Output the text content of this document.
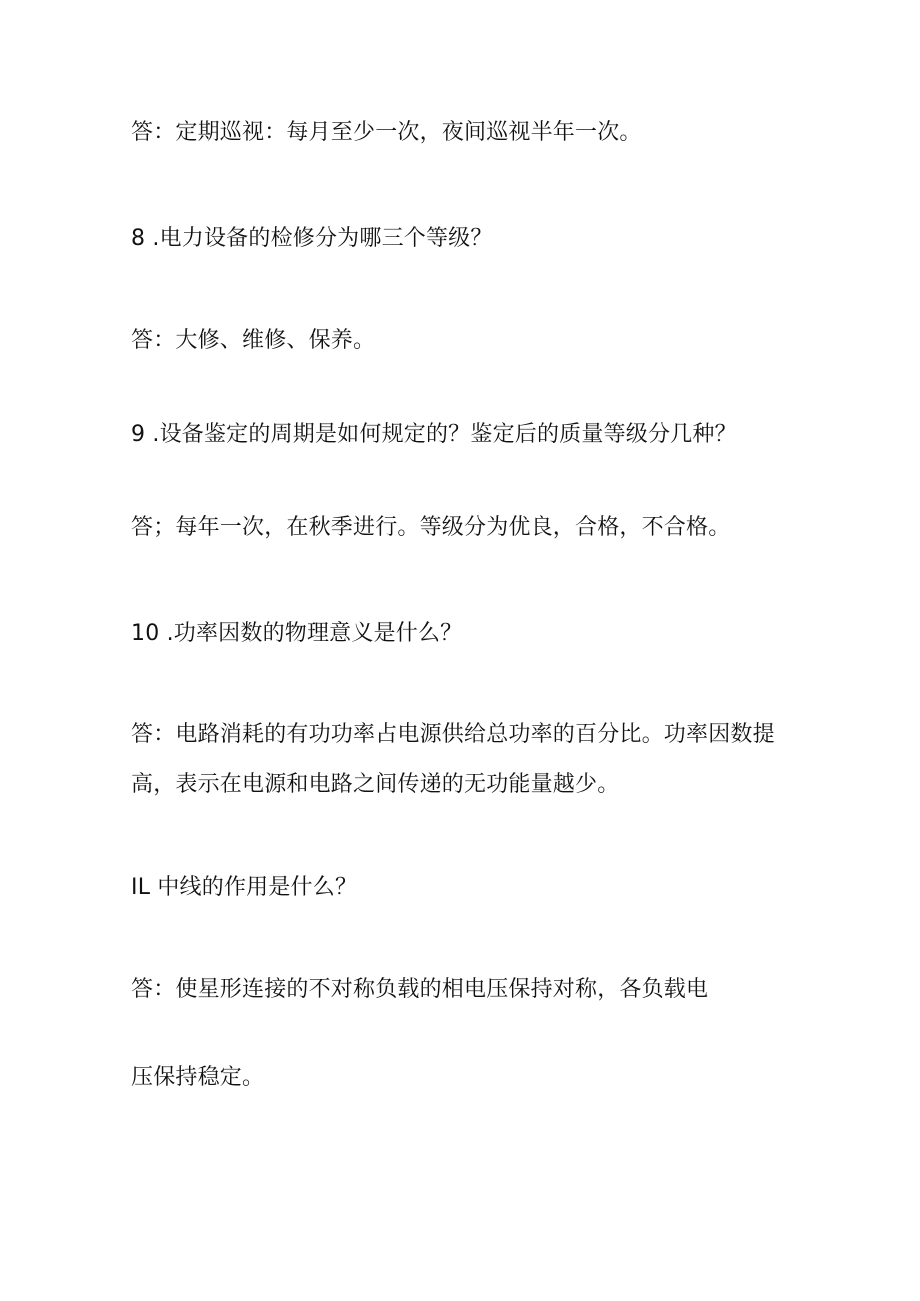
答：定期巡视：每月至少一次，夜间巡视半年一次。
8 .电力设备的检修分为哪三个等级？
答：大修、维修、保养。
9 .设备鉴定的周期是如何规定的？鉴定后的质量等级分几种？
答；每年一次，在秋季进行。等级分为优良，合格，不合格。
10 .功率因数的物理意义是什么？
答：电路消耗的有功功率占电源供给总功率的百分比。功率因数提
高，表示在电源和电路之间传递的无功能量越少。
IL 中线的作用是什么？
答：使星形连接的不对称负载的相电压保持对称，各负载电
压保持稳定。
